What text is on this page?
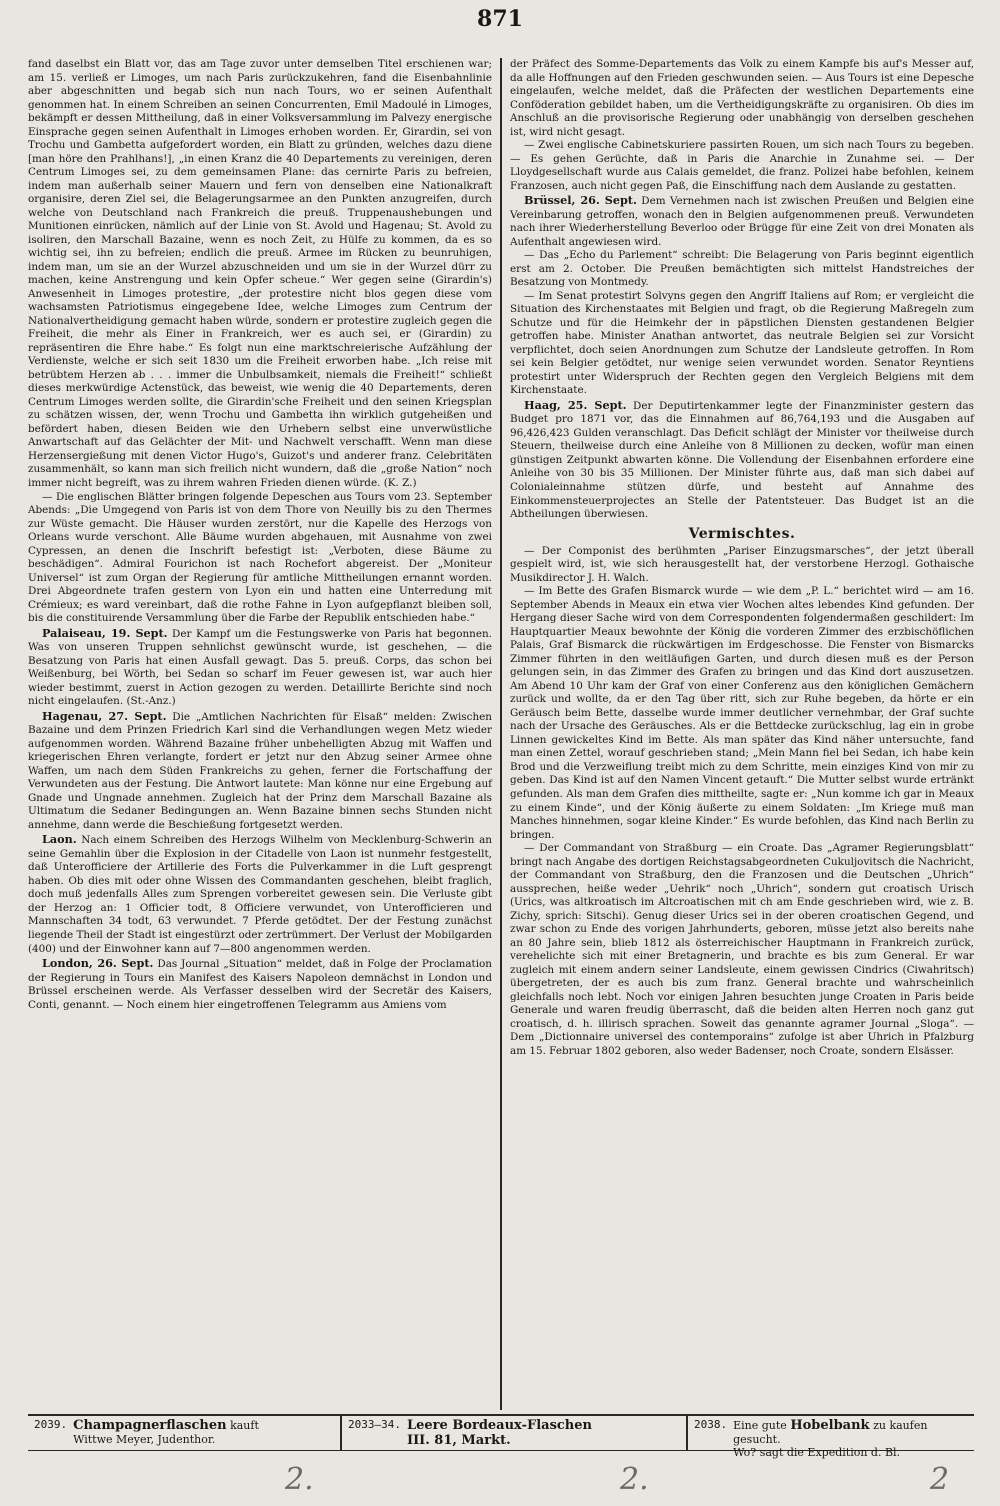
871

fand daselbst ein Blatt vor, das am Tage zuvor unter demselben Titel erschienen war; am 15. verließ er Limoges, um nach Paris zurückzukehren, fand die Eisenbahnlinie aber abgeschnitten und begab sich nun nach Tours, wo er seinen Aufenthalt genommen hat. In einem Schreiben an seinen Concurrenten, Emil Madoulé in Limoges, bekämpft er dessen Mittheilung, daß in einer Volksversammlung im Palvezy energische Einsprache gegen seinen Aufenthalt in Limoges erhoben worden. Er, Girardin, sei von Trochu und Gambetta aufgefordert worden, ein Blatt zu gründen, welches dazu diene [man höre den Prahlhans!], „in einen Kranz die 40 Departements zu vereinigen, deren Centrum Limoges sei, zu dem gemeinsamen Plane: das cernirte Paris zu befreien, indem man außerhalb seiner Mauern und fern von denselben eine Nationalkraft organisire, deren Ziel sei, die Belagerungsarmee an den Punkten anzugreifen, durch welche von Deutschland nach Frankreich die preuß. Truppenaushebungen und Munitionen einrücken, nämlich auf der Linie von St. Avold und Hagenau; St. Avold zu isoliren, den Marschall Bazaine, wenn es noch Zeit, zu Hülfe zu kommen, da es so wichtig sei, ihn zu befreien; endlich die preuß. Armee im Rücken zu beunruhigen, indem man, um sie an der Wurzel abzuschneiden und um sie in der Wurzel dürr zu machen, keine Anstrengung und kein Opfer scheue.“ Wer gegen seine (Girardin's) Anwesenheit in Limoges protestire, „der protestire nicht blos gegen diese vom wachsamsten Patriotismus eingegebene Idee, welche Limoges zum Centrum der Nationalvertheidigung gemacht haben würde, sondern er protestire zugleich gegen die Freiheit, die mehr als Einer in Frankreich, wer es auch sei, er (Girardin) zu repräsentiren die Ehre habe.“ Es folgt nun eine marktschreierische Aufzählung der Verdienste, welche er sich seit 1830 um die Freiheit erworben habe. „Ich reise mit betrübtem Herzen ab . . . immer die Unbulbsamkeit, niemals die Freiheit!“ schließt dieses merkwürdige Actenstück, das beweist, wie wenig die 40 Departements, deren Centrum Limoges werden sollte, die Girardin'sche Freiheit und den seinen Kriegsplan zu schätzen wissen, der, wenn Trochu und Gambetta ihn wirklich gutgeheißen und befördert haben, diesen Beiden wie den Urhebern selbst eine unverwüstliche Anwartschaft auf das Gelächter der Mit- und Nachwelt verschafft. Wenn man diese Herzensergießung mit denen Victor Hugo's, Guizot's und anderer franz. Celebritäten zusammenhält, so kann man sich freilich nicht wundern, daß die „große Nation“ noch immer nicht begreift, was zu ihrem wahren Frieden dienen würde. (K. Z.)

— Die englischen Blätter bringen folgende Depeschen aus Tours vom 23. September Abends: „Die Umgegend von Paris ist von dem Thore von Neuilly bis zu den Thermes zur Wüste gemacht. Die Häuser wurden zerstört, nur die Kapelle des Herzogs von Orleans wurde verschont. Alle Bäume wurden abgehauen, mit Ausnahme von zwei Cypressen, an denen die Inschrift befestigt ist: „Verboten, diese Bäume zu beschädigen“. Admiral Fourichon ist nach Rochefort abgereist. Der „Moniteur Universel“ ist zum Organ der Regierung für amtliche Mittheilungen ernannt worden. Drei Abgeordnete trafen gestern von Lyon ein und hatten eine Unterredung mit Crémieux; es ward vereinbart, daß die rothe Fahne in Lyon aufgepflanzt bleiben soll, bis die constituirende Versammlung über die Farbe der Republik entschieden habe.“

Palaiseau, 19. Sept. Der Kampf um die Festungswerke von Paris hat begonnen. Was von unseren Truppen sehnlichst gewünscht wurde, ist geschehen, — die Besatzung von Paris hat einen Ausfall gewagt. Das 5. preuß. Corps, das schon bei Weißenburg, bei Wörth, bei Sedan so scharf im Feuer gewesen ist, war auch hier wieder bestimmt, zuerst in Action gezogen zu werden. Detaillirte Berichte sind noch nicht eingelaufen. (St.-Anz.)

Hagenau, 27. Sept. Die „Amtlichen Nachrichten für Elsaß“ melden: Zwischen Bazaine und dem Prinzen Friedrich Karl sind die Verhandlungen wegen Metz wieder aufgenommen worden. Während Bazaine früher unbehelligten Abzug mit Waffen und kriegerischen Ehren verlangte, fordert er jetzt nur den Abzug seiner Armee ohne Waffen, um nach dem Süden Frankreichs zu gehen, ferner die Fortschaffung der Verwundeten aus der Festung. Die Antwort lautete: Man könne nur eine Ergebung auf Gnade und Ungnade annehmen. Zugleich hat der Prinz dem Marschall Bazaine als Ultimatum die Sedaner Bedingungen an. Wenn Bazaine binnen sechs Stunden nicht annehme, dann werde die Beschießung fortgesetzt werden.

Laon. Nach einem Schreiben des Herzogs Wilhelm von Mecklenburg-Schwerin an seine Gemahlin über die Explosion in der Citadelle von Laon ist nunmehr festgestellt, daß Unterofficiere der Artillerie des Forts die Pulverkammer in die Luft gesprengt haben. Ob dies mit oder ohne Wissen des Commandanten geschehen, bleibt fraglich, doch muß jedenfalls Alles zum Sprengen vorbereitet gewesen sein. Die Verluste gibt der Herzog an: 1 Officier todt, 8 Officiere verwundet, von Unterofficieren und Mannschaften 34 todt, 63 verwundet. 7 Pferde getödtet. Der der Festung zunächst liegende Theil der Stadt ist eingestürzt oder zertrümmert. Der Verlust der Mobilgarden (400) und der Einwohner kann auf 7—800 angenommen werden.

London, 26. Sept. Das Journal „Situation“ meldet, daß in Folge der Proclamation der Regierung in Tours ein Manifest des Kaisers Napoleon demnächst in London und Brüssel erscheinen werde. Als Verfasser desselben wird der Secretär des Kaisers, Conti, genannt. — Noch einem hier eingetroffenen Telegramm aus Amiens vom

der Präfect des Somme-Departements das Volk zu einem Kampfe bis auf's Messer auf, da alle Hoffnungen auf den Frieden geschwunden seien. — Aus Tours ist eine Depesche eingelaufen, welche meldet, daß die Präfecten der westlichen Departements eine Conföderation gebildet haben, um die Vertheidigungskräfte zu organisiren. Ob dies im Anschluß an die provisorische Regierung oder unabhängig von derselben geschehen ist, wird nicht gesagt.

— Zwei englische Cabinetskuriere passirten Rouen, um sich nach Tours zu begeben. — Es gehen Gerüchte, daß in Paris die Anarchie in Zunahme sei. — Der Lloydgesellschaft wurde aus Calais gemeldet, die franz. Polizei habe befohlen, keinem Franzosen, auch nicht gegen Paß, die Einschiffung nach dem Auslande zu gestatten.

Brüssel, 26. Sept. Dem Vernehmen nach ist zwischen Preußen und Belgien eine Vereinbarung getroffen, wonach den in Belgien aufgenommenen preuß. Verwundeten nach ihrer Wiederherstellung Beverloo oder Brügge für eine Zeit von drei Monaten als Aufenthalt angewiesen wird.

— Das „Echo du Parlement“ schreibt: Die Belagerung von Paris beginnt eigentlich erst am 2. October. Die Preußen bemächtigten sich mittelst Handstreiches der Besatzung von Montmedy.

— Im Senat protestirt Solvyns gegen den Angriff Italiens auf Rom; er vergleicht die Situation des Kirchenstaates mit Belgien und fragt, ob die Regierung Maßregeln zum Schutze und für die Heimkehr der in päpstlichen Diensten gestandenen Belgier getroffen habe. Minister Anathan antwortet, das neutrale Belgien sei zur Vorsicht verpflichtet, doch seien Anordnungen zum Schutze der Landsleute getroffen. In Rom sei kein Belgier getödtet, nur wenige seien verwundet worden. Senator Reyntiens protestirt unter Widerspruch der Rechten gegen den Vergleich Belgiens mit dem Kirchenstaate.

Haag, 25. Sept. Der Deputirtenkammer legte der Finanzminister gestern das Budget pro 1871 vor, das die Einnahmen auf 86,764,193 und die Ausgaben auf 96,426,423 Gulden veranschlagt. Das Deficit schlägt der Minister vor theilweise durch Steuern, theilweise durch eine Anleihe von 8 Millionen zu decken, wofür man einen günstigen Zeitpunkt abwarten könne. Die Vollendung der Eisenbahnen erfordere eine Anleihe von 30 bis 35 Millionen. Der Minister führte aus, daß man sich dabei auf Colonialeinnahme stützen dürfe, und besteht auf Annahme des Einkommensteuerprojectes an Stelle der Patentsteuer. Das Budget ist an die Abtheilungen überwiesen.

Vermischtes.

— Der Componist des berühmten „Pariser Einzugsmarsches“, der jetzt überall gespielt wird, ist, wie sich herausgestellt hat, der verstorbene Herzogl. Gothaische Musikdirector J. H. Walch.

— Im Bette des Grafen Bismarck wurde — wie dem „P. L.“ berichtet wird — am 16. September Abends in Meaux ein etwa vier Wochen altes lebendes Kind gefunden. Der Hergang dieser Sache wird von dem Correspondenten folgendermaßen geschildert: Im Hauptquartier Meaux bewohnte der König die vorderen Zimmer des erzbischöflichen Palais, Graf Bismarck die rückwärtigen im Erdgeschosse. Die Fenster von Bismarcks Zimmer führten in den weitläufigen Garten, und durch diesen muß es der Person gelungen sein, in das Zimmer des Grafen zu bringen und das Kind dort auszusetzen. Am Abend 10 Uhr kam der Graf von einer Conferenz aus den königlichen Gemächern zurück und wollte, da er den Tag über ritt, sich zur Ruhe begeben, da hörte er ein Geräusch beim Bette, dasselbe wurde immer deutlicher vernehmbar, der Graf suchte nach der Ursache des Geräusches. Als er die Bettdecke zurückschlug, lag ein in grobe Linnen gewickeltes Kind im Bette. Als man später das Kind näher untersuchte, fand man einen Zettel, worauf geschrieben stand; „Mein Mann fiel bei Sedan, ich habe kein Brod und die Verzweiflung treibt mich zu dem Schritte, mein einziges Kind von mir zu geben. Das Kind ist auf den Namen Vincent getauft.“ Die Mutter selbst wurde ertränkt gefunden. Als man dem Grafen dies mittheilte, sagte er: „Nun komme ich gar in Meaux zu einem Kinde“, und der König äußerte zu einem Soldaten: „Im Kriege muß man Manches hinnehmen, sogar kleine Kinder.“ Es wurde befohlen, das Kind nach Berlin zu bringen.

— Der Commandant von Straßburg — ein Croate. Das „Agramer Regierungsblatt“ bringt nach Angabe des dortigen Reichstagsabgeordneten Cukuljovitsch die Nachricht, der Commandant von Straßburg, den die Franzosen und die Deutschen „Uhrich“ aussprechen, heiße weder „Uehrik“ noch „Uhrich“, sondern gut croatisch Urisch (Urics, was altkroatisch im Altcroatischen mit ch am Ende geschrieben wird, wie z. B. Zichy, sprich: Sitschi). Genug dieser Urics sei in der oberen croatischen Gegend, und zwar schon zu Ende des vorigen Jahrhunderts, geboren, müsse jetzt also bereits nahe an 80 Jahre sein, blieb 1812 als österreichischer Hauptmann in Frankreich zurück, verehelichte sich mit einer Bretagnerin, und brachte es bis zum General. Er war zugleich mit einem andern seiner Landsleute, einem gewissen Cindrics (Ciwahritsch) übergetreten, der es auch bis zum franz. General brachte und wahrscheinlich gleichfalls noch lebt. Noch vor einigen Jahren besuchten junge Croaten in Paris beide Generale und waren freudig überrascht, daß die beiden alten Herren noch ganz gut croatisch, d. h. illirisch sprachen. Soweit das genannte agramer Journal „Sloga“. — Dem „Dictionnaire universel des contemporains“ zufolge ist aber Uhrich in Pfalzburg am 15. Februar 1802 geboren, also weder Badenser, noch Croate, sondern Elsässer.

2039. Champagnerflaschen kauft
Wittwe Meyer, Judenthor.
2033—34. Leere Bordeaux-Flaschen
III. 81, Markt.
2038. Eine gute Hobelbank zu kaufen gesucht.
Wo? sagt die Expedition d. Bl.
2.	2.	2
